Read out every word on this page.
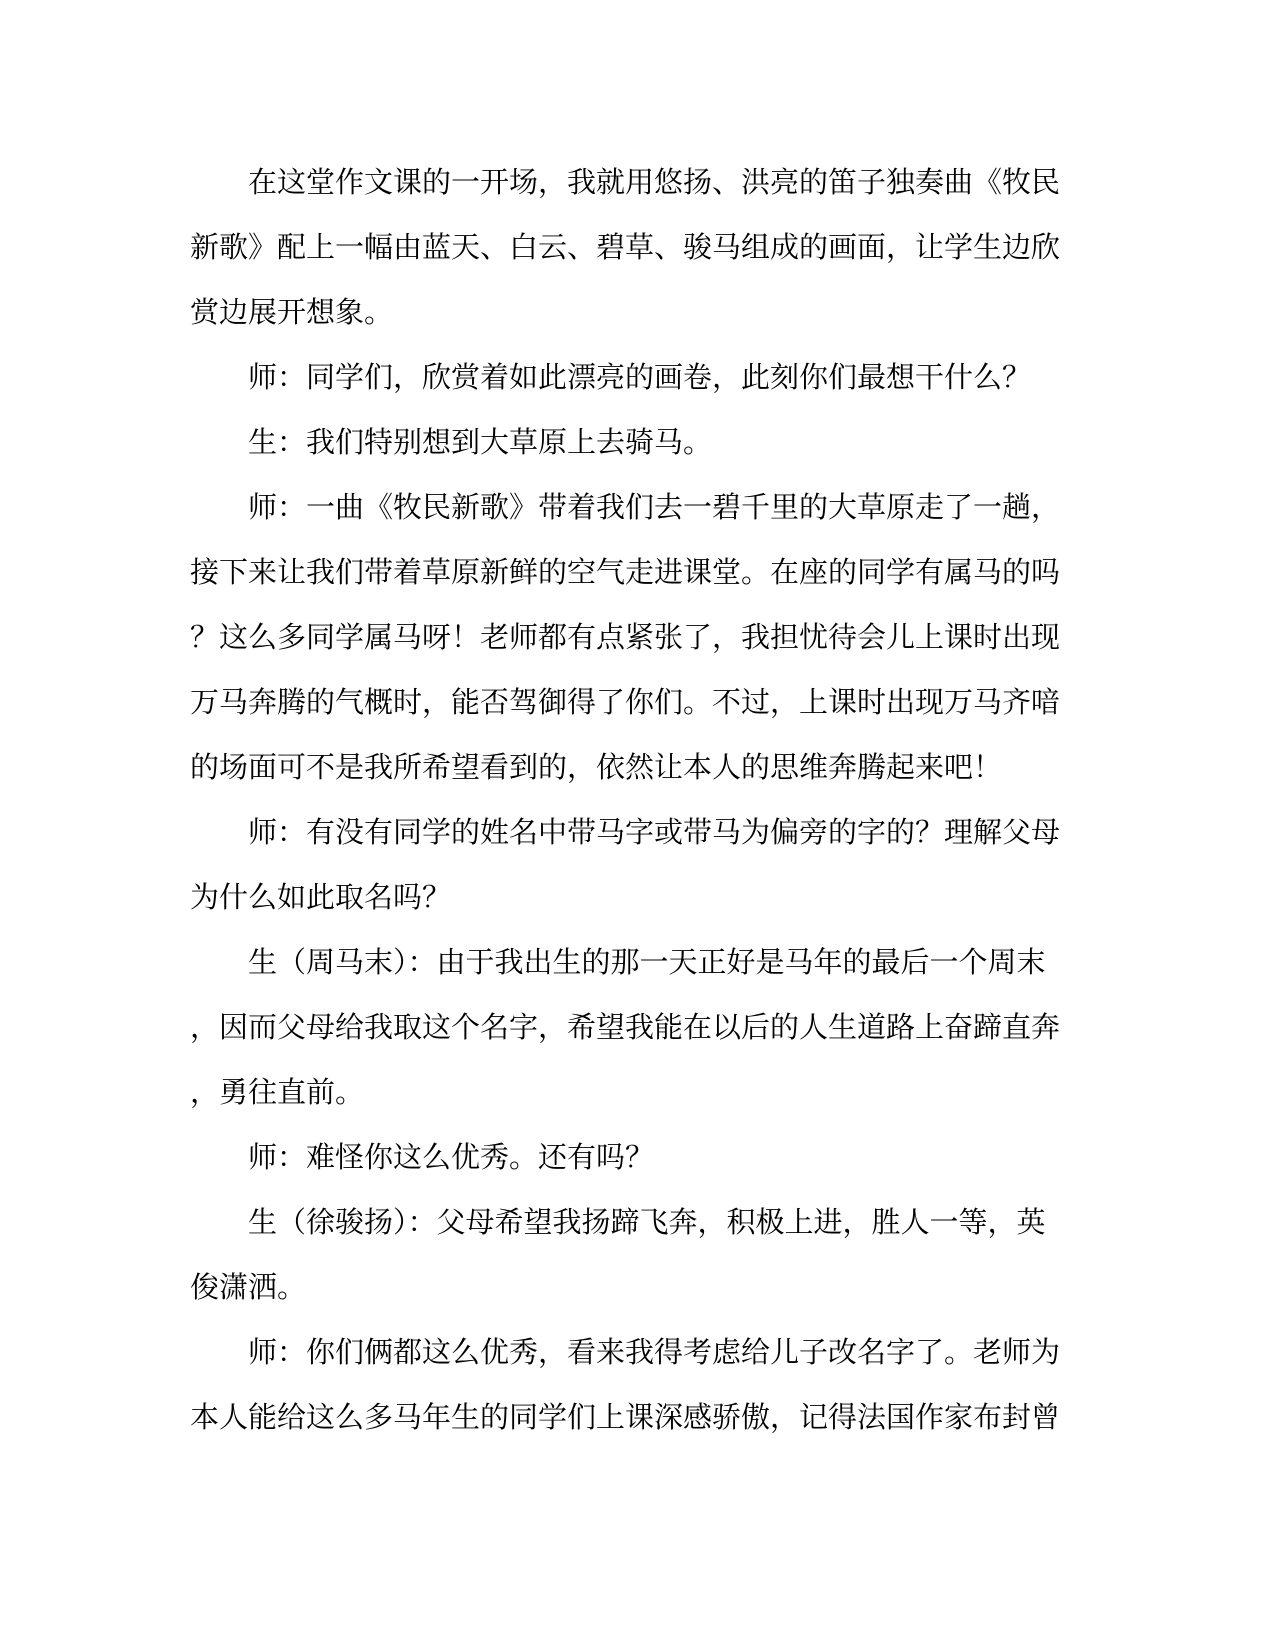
在这堂作文课的一开场，我就用悠扬、洪亮的笛子独奏曲《牧民
新歌》配上一幅由蓝天、白云、碧草、骏马组成的画面，让学生边欣
赏边展开想象。
师：同学们，欣赏着如此漂亮的画卷，此刻你们最想干什么？
生：我们特别想到大草原上去骑马。
师：一曲《牧民新歌》带着我们去一碧千里的大草原走了一趟，
接下来让我们带着草原新鲜的空气走进课堂。在座的同学有属马的吗
？这么多同学属马呀！老师都有点紧张了，我担忧待会儿上课时出现
万马奔腾的气概时，能否驾御得了你们。不过，上课时出现万马齐喑
的场面可不是我所希望看到的，依然让本人的思维奔腾起来吧！
师：有没有同学的姓名中带马字或带马为偏旁的字的？理解父母
为什么如此取名吗？
生（周马末）：由于我出生的那一天正好是马年的最后一个周末
，因而父母给我取这个名字，希望我能在以后的人生道路上奋蹄直奔
，勇往直前。
师：难怪你这么优秀。还有吗？
生（徐骏扬）：父母希望我扬蹄飞奔，积极上进，胜人一等，英
俊潇洒。
师：你们俩都这么优秀，看来我得考虑给儿子改名字了。老师为
本人能给这么多马年生的同学们上课深感骄傲，记得法国作家布封曾
